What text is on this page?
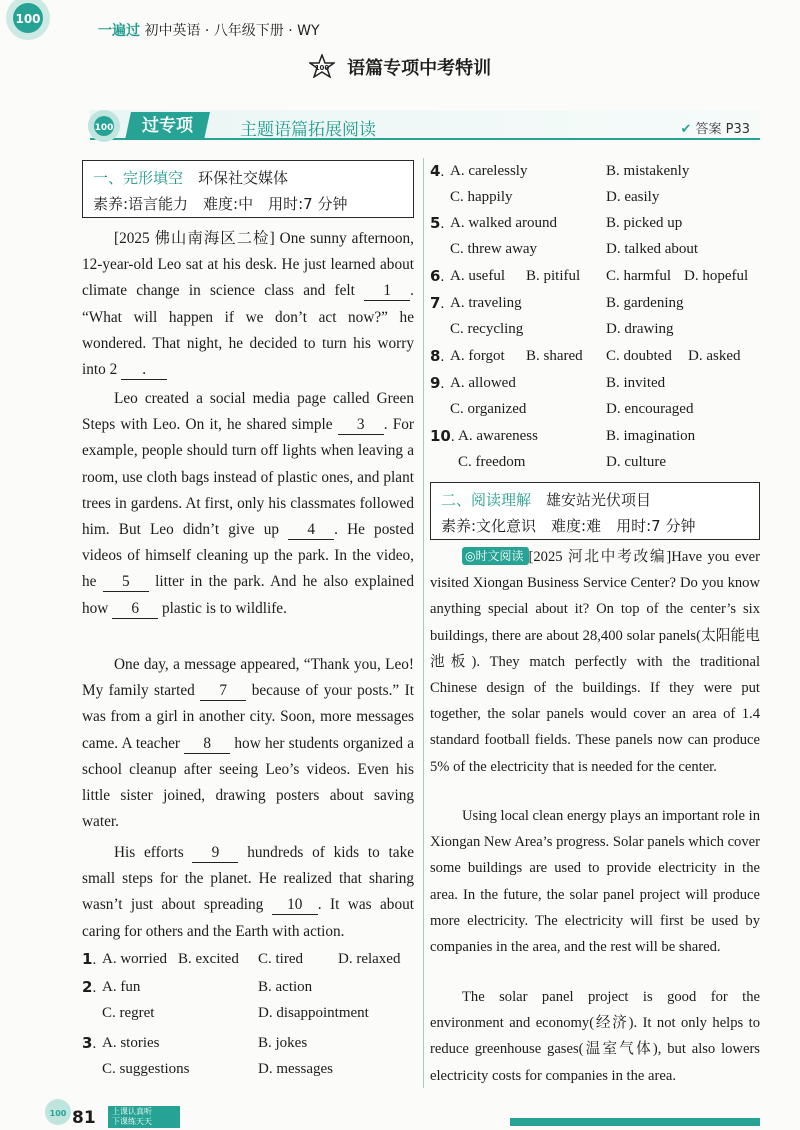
100
一遍过 初中英语 · 八年级下册 · WY
100 语篇专项中考特训
100	过专项	主题语篇拓展阅读	✔ 答案 P33
一、完形填空　 环保社交媒体
素养:语言能力　难度:中　用时:7 分钟
[2025 佛山南海区二检] One sunny afternoon, 12-year-old Leo sat at his desk. He just learned about climate change in science class and felt 1 . “What will happen if we don’t act now?” he wondered. That night, he decided to turn his worry into 2 .
Leo created a social media page called Green Steps with Leo. On it, he shared simple 3 . For example, people should turn off lights when leaving a room, use cloth bags instead of plastic ones, and plant trees in gardens. At first, only his classmates followed him. But Leo didn’t give up 4 . He posted videos of himself cleaning up the park. In the video, he 5 litter in the park. And he also explained how 6 plastic is to wildlife.
One day, a message appeared, “Thank you, Leo! My family started 7 because of your posts.” It was from a girl in another city. Soon, more messages came. A teacher 8 how her students organized a school cleanup after seeing Leo’s videos. Even his little sister joined, drawing posters about saving water.
His efforts 9 hundreds of kids to take small steps for the planet. He realized that sharing wasn’t just about spreading 10 . It was about caring for others and the Earth with action.
1. A. worried B. excited C. tired D. relaxed
2. A. fun	B. action
C. regret	D. disappointment
3. A. stories	B. jokes
C. suggestions	D. messages
4. A. carelessly	B. mistakenly
C. happily	D. easily
5. A. walked around	B. picked up
C. threw away	D. talked about
6. A. useful B. pitiful C. harmful D. hopeful
7. A. traveling	B. gardening
C. recycling	D. drawing
8. A. forgot B. shared C. doubted D. asked
9. A. allowed	B. invited
C. organized	D. encouraged
10. A. awareness	B. imagination
C. freedom	D. culture
二、阅读理解　 雄安站光伏项目
素养:文化意识　难度:难　用时:7 分钟
◎时文阅读 [2025 河北中考改编]Have you ever visited Xiongan Business Service Center? Do you know anything special about it? On top of the center’s six buildings, there are about 28,400 solar panels(太阳能电池板). They match perfectly with the traditional Chinese design of the buildings. If they were put together, the solar panels would cover an area of 1.4 standard football fields. These panels now can produce 5% of the electricity that is needed for the center.
Using local clean energy plays an important role in Xiongan New Area’s progress. Solar panels which cover some buildings are used to provide electricity in the area. In the future, the solar panel project will produce more electricity. The electricity will first be used by companies in the area, and the rest will be shared.
The solar panel project is good for the environment and economy(经济). It not only helps to reduce greenhouse gases(温室气体), but also lowers electricity costs for companies in the area.
100 81 上课认真听
下课练天天
